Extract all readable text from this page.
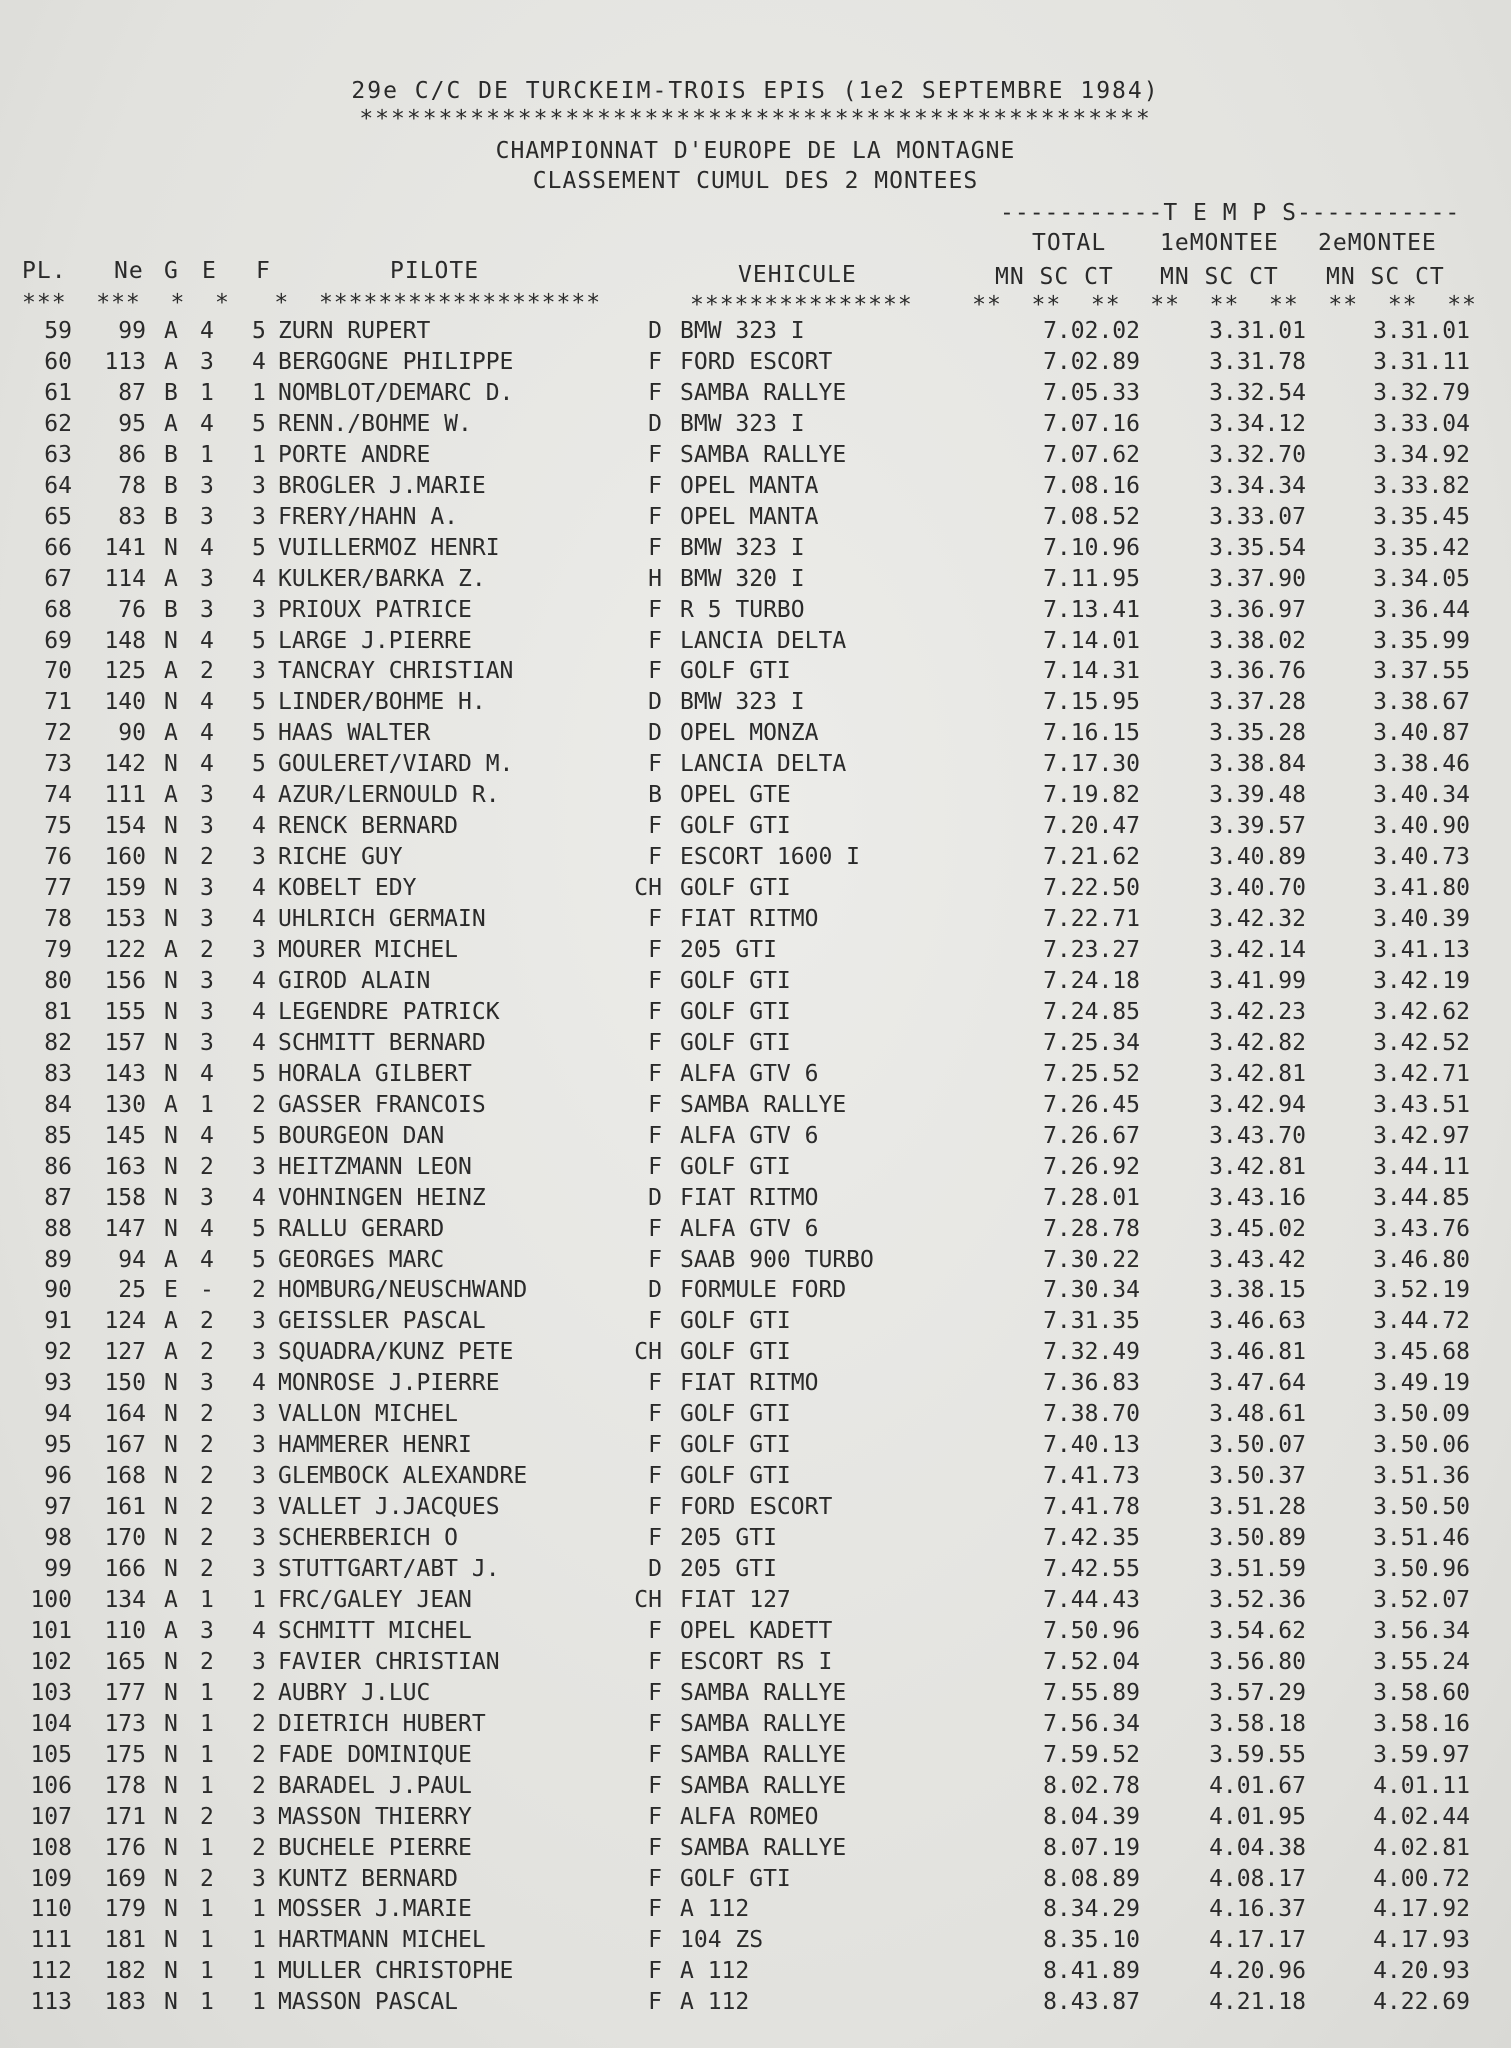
29e C/C DE TURCKEIM-TROIS EPIS (1e2 SEPTEMBRE 1984)
**************************************************
CHAMPIONNAT D'EUROPE DE LA MONTAGNE
CLASSEMENT CUMUL DES 2 MONTEES
-----------T E M P S-----------
TOTAL 1eMONTEE 2eMONTEE
PL. Ne G E F	PILOTE	VEHICULE	MN SC CT MN SC CT MN SC CT
***  ***  *  *   *  *******************	***************    **  **  **  **  **  **  **  **  **
59	99 A 4 5 ZURN RUPERT	D BMW 323 I	7.02.02	3.31.01	3.31.01
60	113 A 3 4 BERGOGNE PHILIPPE	F FORD ESCORT	7.02.89	3.31.78	3.31.11
61	87 B 1 1 NOMBLOT/DEMARC D.	F SAMBA RALLYE	7.05.33	3.32.54	3.32.79
62	95 A 4 5 RENN./BOHME W.	D BMW 323 I	7.07.16	3.34.12	3.33.04
63	86 B 1 1 PORTE ANDRE	F SAMBA RALLYE	7.07.62	3.32.70	3.34.92
64	78 B 3 3 BROGLER J.MARIE	F OPEL MANTA	7.08.16	3.34.34	3.33.82
65	83 B 3 3 FRERY/HAHN A.	F OPEL MANTA	7.08.52	3.33.07	3.35.45
66	141 N 4 5 VUILLERMOZ HENRI	F BMW 323 I	7.10.96	3.35.54	3.35.42
67	114 A 3 4 KULKER/BARKA Z.	H BMW 320 I	7.11.95	3.37.90	3.34.05
68	76 B 3 3 PRIOUX PATRICE	F R 5 TURBO	7.13.41	3.36.97	3.36.44
69	148 N 4 5 LARGE J.PIERRE	F LANCIA DELTA	7.14.01	3.38.02	3.35.99
70	125 A 2 3 TANCRAY CHRISTIAN	F GOLF GTI	7.14.31	3.36.76	3.37.55
71	140 N 4 5 LINDER/BOHME H.	D BMW 323 I	7.15.95	3.37.28	3.38.67
72	90 A 4 5 HAAS WALTER	D OPEL MONZA	7.16.15	3.35.28	3.40.87
73	142 N 4 5 GOULERET/VIARD M.	F LANCIA DELTA	7.17.30	3.38.84	3.38.46
74	111 A 3 4 AZUR/LERNOULD R.	B OPEL GTE	7.19.82	3.39.48	3.40.34
75	154 N 3 4 RENCK BERNARD	F GOLF GTI	7.20.47	3.39.57	3.40.90
76	160 N 2 3 RICHE GUY	F ESCORT 1600 I	7.21.62	3.40.89	3.40.73
77	159 N 3 4 KOBELT EDY	CH GOLF GTI	7.22.50	3.40.70	3.41.80
78	153 N 3 4 UHLRICH GERMAIN	F FIAT RITMO	7.22.71	3.42.32	3.40.39
79	122 A 2 3 MOURER MICHEL	F 205 GTI	7.23.27	3.42.14	3.41.13
80	156 N 3 4 GIROD ALAIN	F GOLF GTI	7.24.18	3.41.99	3.42.19
81	155 N 3 4 LEGENDRE PATRICK	F GOLF GTI	7.24.85	3.42.23	3.42.62
82	157 N 3 4 SCHMITT BERNARD	F GOLF GTI	7.25.34	3.42.82	3.42.52
83	143 N 4 5 HORALA GILBERT	F ALFA GTV 6	7.25.52	3.42.81	3.42.71
84	130 A 1 2 GASSER FRANCOIS	F SAMBA RALLYE	7.26.45	3.42.94	3.43.51
85	145 N 4 5 BOURGEON DAN	F ALFA GTV 6	7.26.67	3.43.70	3.42.97
86	163 N 2 3 HEITZMANN LEON	F GOLF GTI	7.26.92	3.42.81	3.44.11
87	158 N 3 4 VOHNINGEN HEINZ	D FIAT RITMO	7.28.01	3.43.16	3.44.85
88	147 N 4 5 RALLU GERARD	F ALFA GTV 6	7.28.78	3.45.02	3.43.76
89	94 A 4 5 GEORGES MARC	F SAAB 900 TURBO	7.30.22	3.43.42	3.46.80
90	25 E - 2 HOMBURG/NEUSCHWAND	D FORMULE FORD	7.30.34	3.38.15	3.52.19
91	124 A 2 3 GEISSLER PASCAL	F GOLF GTI	7.31.35	3.46.63	3.44.72
92	127 A 2 3 SQUADRA/KUNZ PETE	CH GOLF GTI	7.32.49	3.46.81	3.45.68
93	150 N 3 4 MONROSE J.PIERRE	F FIAT RITMO	7.36.83	3.47.64	3.49.19
94	164 N 2 3 VALLON MICHEL	F GOLF GTI	7.38.70	3.48.61	3.50.09
95	167 N 2 3 HAMMERER HENRI	F GOLF GTI	7.40.13	3.50.07	3.50.06
96	168 N 2 3 GLEMBOCK ALEXANDRE	F GOLF GTI	7.41.73	3.50.37	3.51.36
97	161 N 2 3 VALLET J.JACQUES	F FORD ESCORT	7.41.78	3.51.28	3.50.50
98	170 N 2 3 SCHERBERICH O	F 205 GTI	7.42.35	3.50.89	3.51.46
99	166 N 2 3 STUTTGART/ABT J.	D 205 GTI	7.42.55	3.51.59	3.50.96
100	134 A 1 1 FRC/GALEY JEAN	CH FIAT 127	7.44.43	3.52.36	3.52.07
101	110 A 3 4 SCHMITT MICHEL	F OPEL KADETT	7.50.96	3.54.62	3.56.34
102	165 N 2 3 FAVIER CHRISTIAN	F ESCORT RS I	7.52.04	3.56.80	3.55.24
103	177 N 1 2 AUBRY J.LUC	F SAMBA RALLYE	7.55.89	3.57.29	3.58.60
104	173 N 1 2 DIETRICH HUBERT	F SAMBA RALLYE	7.56.34	3.58.18	3.58.16
105	175 N 1 2 FADE DOMINIQUE	F SAMBA RALLYE	7.59.52	3.59.55	3.59.97
106	178 N 1 2 BARADEL J.PAUL	F SAMBA RALLYE	8.02.78	4.01.67	4.01.11
107	171 N 2 3 MASSON THIERRY	F ALFA ROMEO	8.04.39	4.01.95	4.02.44
108	176 N 1 2 BUCHELE PIERRE	F SAMBA RALLYE	8.07.19	4.04.38	4.02.81
109	169 N 2 3 KUNTZ BERNARD	F GOLF GTI	8.08.89	4.08.17	4.00.72
110	179 N 1 1 MOSSER J.MARIE	F A 112	8.34.29	4.16.37	4.17.92
111	181 N 1 1 HARTMANN MICHEL	F 104 ZS	8.35.10	4.17.17	4.17.93
112	182 N 1 1 MULLER CHRISTOPHE	F A 112	8.41.89	4.20.96	4.20.93
113	183 N 1 1 MASSON PASCAL	F A 112	8.43.87	4.21.18	4.22.69
